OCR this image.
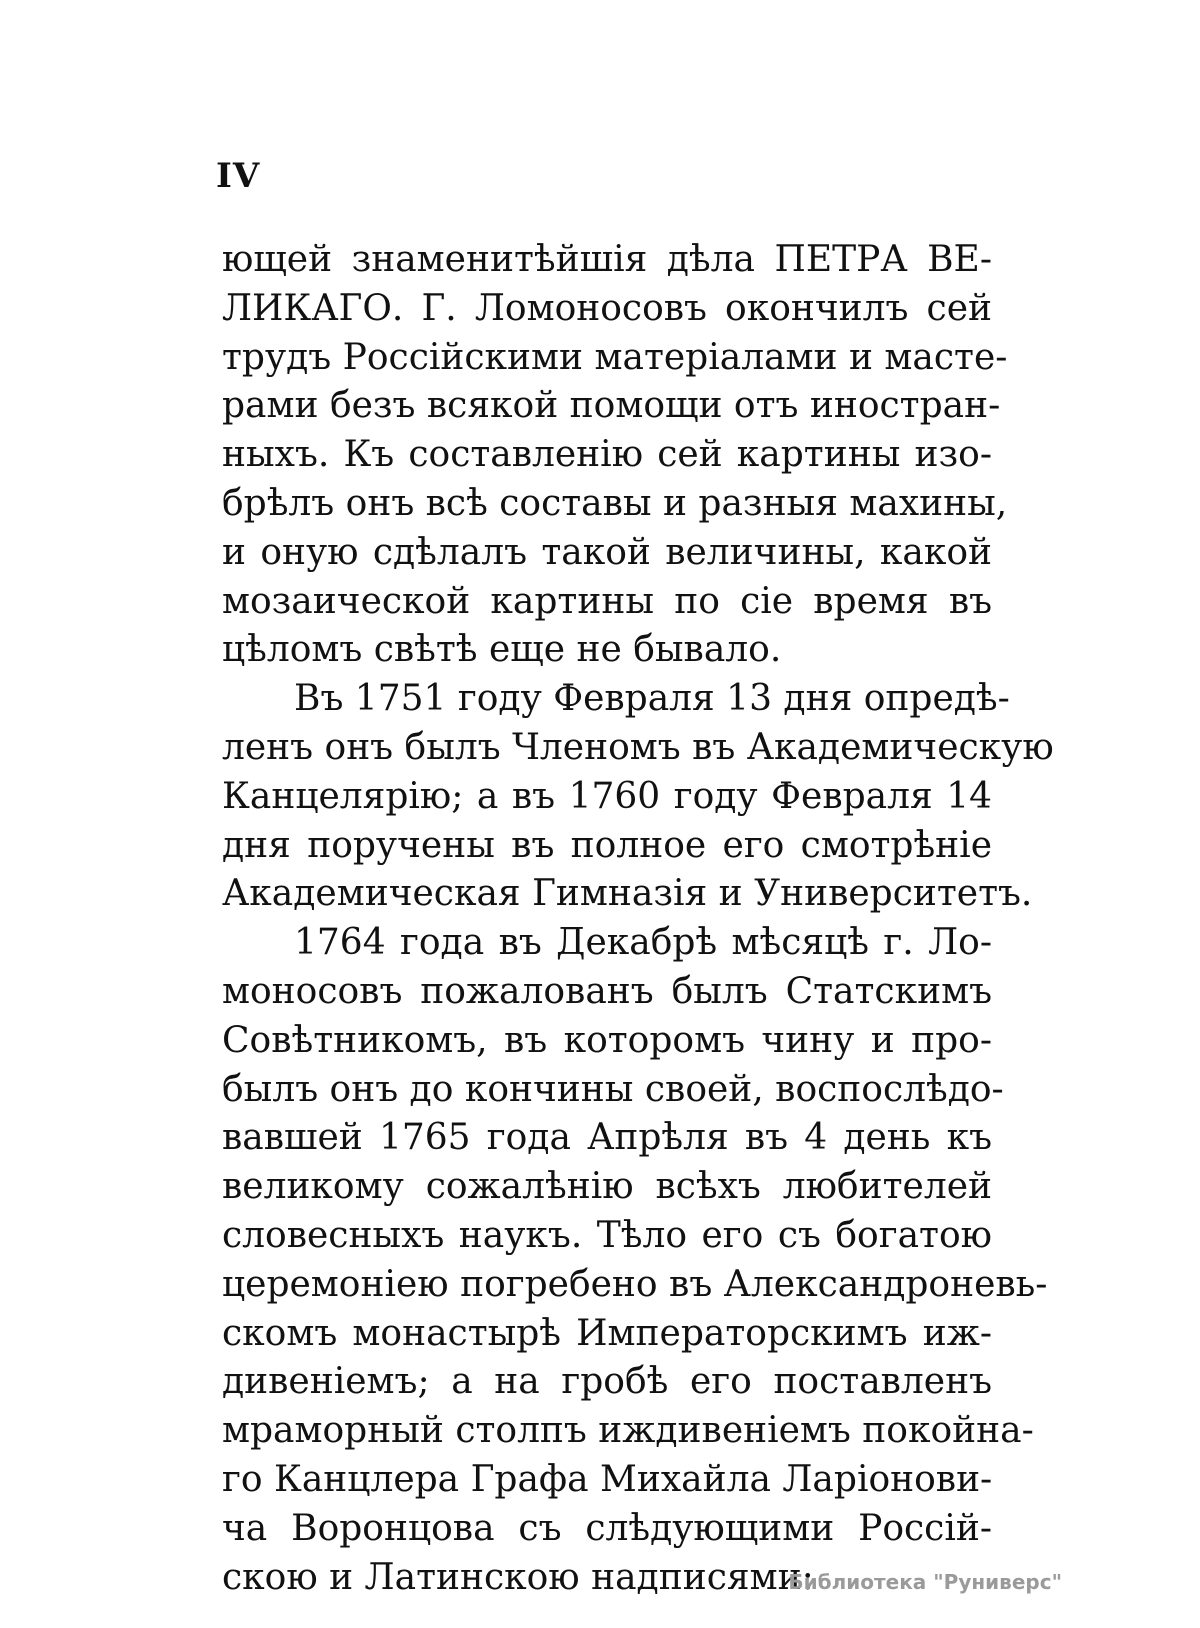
IV
ющей знаменитѣйшія дѣла ПЕТРА ВЕ-
ЛИКАГО. Г. Ломоносовъ окончилъ сей
трудъ Россійскими матеріалами и масте-
рами безъ всякой помощи отъ иностран-
ныхъ. Къ составленію сей картины изо-
брѣлъ онъ всѣ составы и разныя махины,
и оную сдѣлалъ такой величины, какой
мозаической картины по сіе время въ
цѣломъ свѣтѣ еще не бывало.
Въ 1751 году Февраля 13 дня опредѣ-
ленъ онъ былъ Членомъ въ Академическую
Канцелярію; а въ 1760 году Февраля 14
дня поручены въ полное его смотрѣніе
Академическая Гимназія и Университетъ.
1764 года въ Декабрѣ мѣсяцѣ г. Ло-
моносовъ пожалованъ былъ Статскимъ
Совѣтникомъ, въ которомъ чину и про-
былъ онъ до кончины своей, воспослѣдо-
вавшей 1765 года Апрѣля въ 4 день къ
великому сожалѣнію всѣхъ любителей
словесныхъ наукъ. Тѣло его съ богатою
церемоніею погребено въ Александроневь-
скомъ монастырѣ Императорскимъ иж-
дивеніемъ; а на гробѣ его поставленъ
мраморный столпъ иждивеніемъ покойна-
го Канцлера Графа Михайла Ларіонови-
ча Воронцова съ слѣдующими Россій-
скою и Латинскою надписями:
Библиотека "Руниверс"
